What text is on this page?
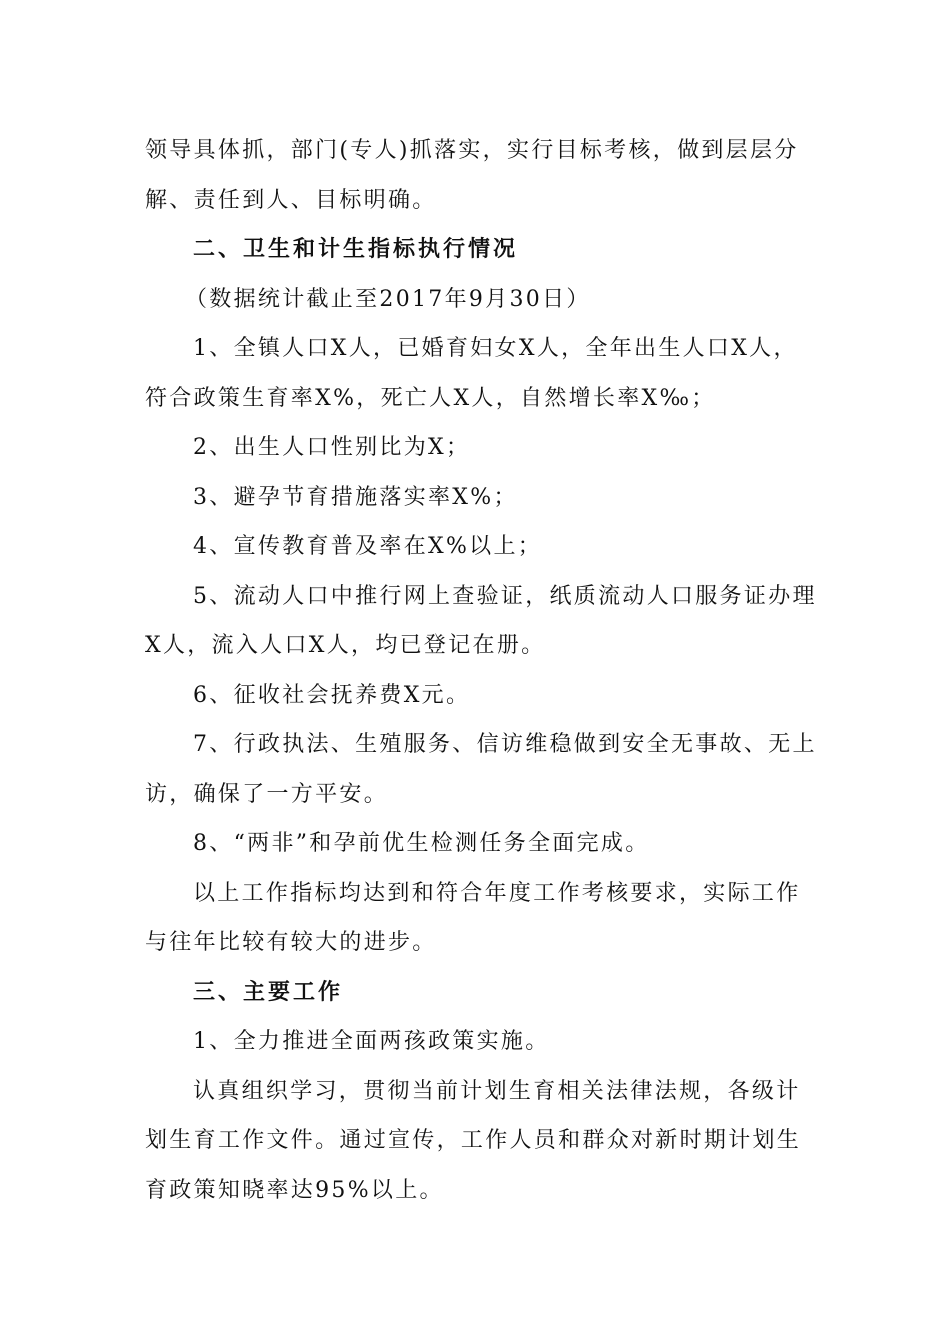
领导具体抓，部门(专人)抓落实，实行目标考核，做到层层分
解、责任到人、目标明确。
二、卫生和计生指标执行情况
（数据统计截止至2017年9月30日）
1、全镇人口X人，已婚育妇女X人，全年出生人口X人，
符合政策生育率X%，死亡人X人，自然增长率X‰；
2、出生人口性别比为X；
3、避孕节育措施落实率X%；
4、宣传教育普及率在X%以上；
5、流动人口中推行网上查验证，纸质流动人口服务证办理
X人，流入人口X人，均已登记在册。
6、征收社会抚养费X元。
7、行政执法、生殖服务、信访维稳做到安全无事故、无上
访，确保了一方平安。
8、“两非”和孕前优生检测任务全面完成。
以上工作指标均达到和符合年度工作考核要求，实际工作
与往年比较有较大的进步。
三、主要工作
1、全力推进全面两孩政策实施。
认真组织学习，贯彻当前计划生育相关法律法规，各级计
划生育工作文件。通过宣传，工作人员和群众对新时期计划生
育政策知晓率达95%以上。
